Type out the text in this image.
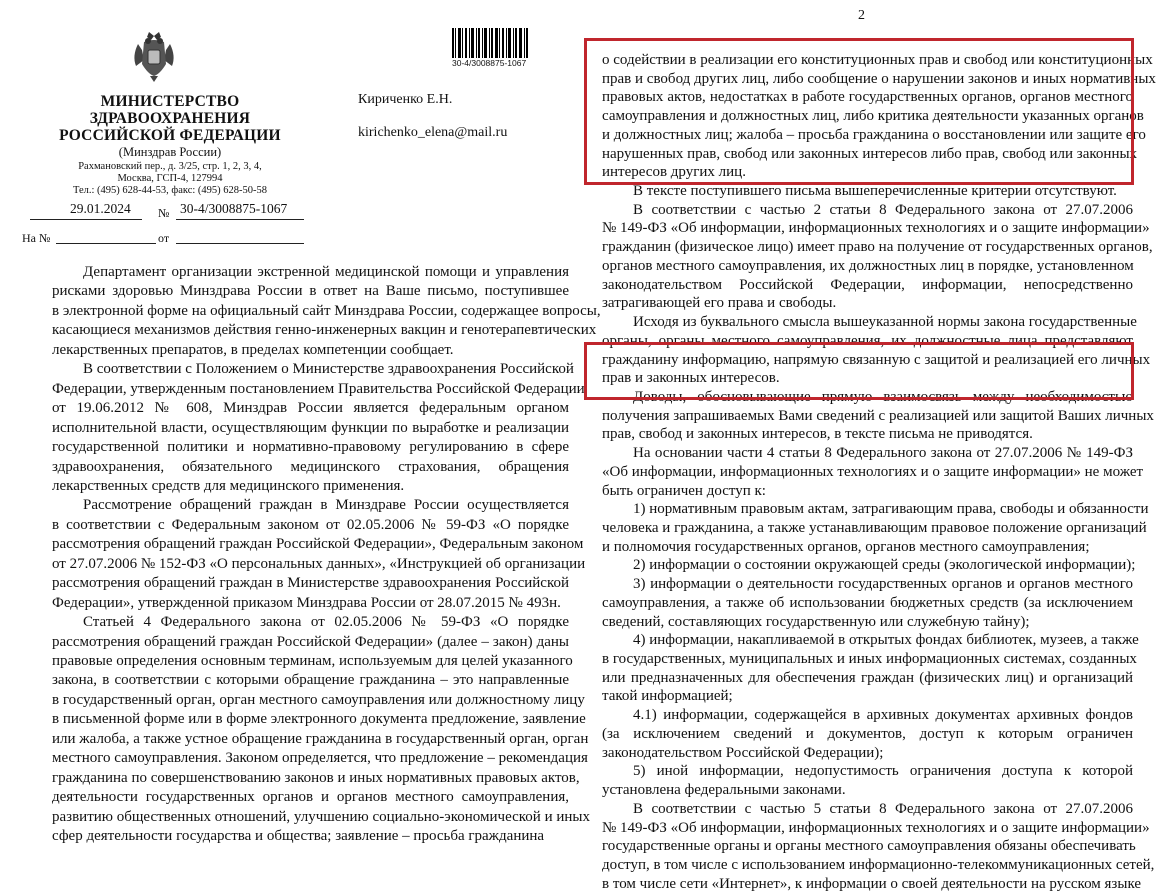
МИНИСТЕРСТВО
ЗДРАВООХРАНЕНИЯ
РОССИЙСКОЙ ФЕДЕРАЦИИ
(Минздрав России)
Рахмановский пер., д. 3/25, стр. 1, 2, 3, 4,
Москва, ГСП-4, 127994
Тел.: (495) 628-44-53, факс: (495) 628-50-58
29.01.2024 № 30-4/3008875-1067
На №	от
30-4/3008875-1067
Кириченко Е.Н.
kirichenko_elena@mail.ru
Департамент организации экстренной медицинской помощи и управления
рисками здоровью Минздрава России в ответ на Ваше письмо, поступившее
в электронной форме на официальный сайт Минздрава России, содержащее вопросы,
касающиеся механизмов действия генно-инженерных вакцин и генотерапевтических
лекарственных препаратов, в пределах компетенции сообщает.
В соответствии с Положением о Министерстве здравоохранения Российской
Федерации, утвержденным постановлением Правительства Российской Федерации
от 19.06.2012 № 608, Минздрав России является федеральным органом
исполнительной власти, осуществляющим функции по выработке и реализации
государственной политики и нормативно-правовому регулированию в сфере
здравоохранения, обязательного медицинского страхования, обращения
лекарственных средств для медицинского применения.
Рассмотрение обращений граждан в Минздраве России осуществляется
в соответствии с Федеральным законом от 02.05.2006 № 59-ФЗ «О порядке
рассмотрения обращений граждан Российской Федерации», Федеральным законом
от 27.07.2006 № 152-ФЗ «О персональных данных», «Инструкцией об организации
рассмотрения обращений граждан в Министерстве здравоохранения Российской
Федерации», утвержденной приказом Минздрава России от 28.07.2015 № 493н.
Статьей 4 Федерального закона от 02.05.2006 № 59-ФЗ «О порядке
рассмотрения обращений граждан Российской Федерации» (далее – закон) даны
правовые определения основным терминам, используемым для целей указанного
закона, в соответствии с которыми обращение гражданина – это направленные
в государственный орган, орган местного самоуправления или должностному лицу
в письменной форме или в форме электронного документа предложение, заявление
или жалоба, а также устное обращение гражданина в государственный орган, орган
местного самоуправления. Законом определяется, что предложение – рекомендация
гражданина по совершенствованию законов и иных нормативных правовых актов,
деятельности государственных органов и органов местного самоуправления,
развитию общественных отношений, улучшению социально-экономической и иных
сфер деятельности государства и общества; заявление – просьба гражданина
2
о содействии в реализации его конституционных прав и свобод или конституционных
прав и свобод других лиц, либо сообщение о нарушении законов и иных нормативных
правовых актов, недостатках в работе государственных органов, органов местного
самоуправления и должностных лиц, либо критика деятельности указанных органов
и должностных лиц; жалоба – просьба гражданина о восстановлении или защите его
нарушенных прав, свобод или законных интересов либо прав, свобод или законных
интересов других лиц.
В тексте поступившего письма вышеперечисленные критерии отсутствуют.
В соответствии с частью 2 статьи 8 Федерального закона от 27.07.2006
№ 149-ФЗ «Об информации, информационных технологиях и о защите информации»
гражданин (физическое лицо) имеет право на получение от государственных органов,
органов местного самоуправления, их должностных лиц в порядке, установленном
законодательством Российской Федерации, информации, непосредственно
затрагивающей его права и свободы.
Исходя из буквального смысла вышеуказанной нормы закона государственные
органы, органы местного самоуправления, их должностные лица представляют
гражданину информацию, напрямую связанную с защитой и реализацией его личных
прав и законных интересов.
Доводы, обосновывающие прямую взаимосвязь между необходимостью
получения запрашиваемых Вами сведений с реализацией или защитой Ваших личных
прав, свобод и законных интересов, в тексте письма не приводятся.
На основании части 4 статьи 8 Федерального закона от 27.07.2006 № 149-ФЗ
«Об информации, информационных технологиях и о защите информации» не может
быть ограничен доступ к:
1) нормативным правовым актам, затрагивающим права, свободы и обязанности
человека и гражданина, а также устанавливающим правовое положение организаций
и полномочия государственных органов, органов местного самоуправления;
2) информации о состоянии окружающей среды (экологической информации);
3) информации о деятельности государственных органов и органов местного
самоуправления, а также об использовании бюджетных средств (за исключением
сведений, составляющих государственную или служебную тайну);
4) информации, накапливаемой в открытых фондах библиотек, музеев, а также
в государственных, муниципальных и иных информационных системах, созданных
или предназначенных для обеспечения граждан (физических лиц) и организаций
такой информацией;
4.1) информации, содержащейся в архивных документах архивных фондов
(за исключением сведений и документов, доступ к которым ограничен
законодательством Российской Федерации);
5) иной информации, недопустимость ограничения доступа к которой
установлена федеральными законами.
В соответствии с частью 5 статьи 8 Федерального закона от 27.07.2006
№ 149-ФЗ «Об информации, информационных технологиях и о защите информации»
государственные органы и органы местного самоуправления обязаны обеспечивать
доступ, в том числе с использованием информационно-телекоммуникационных сетей,
в том числе сети «Интернет», к информации о своей деятельности на русском языке
